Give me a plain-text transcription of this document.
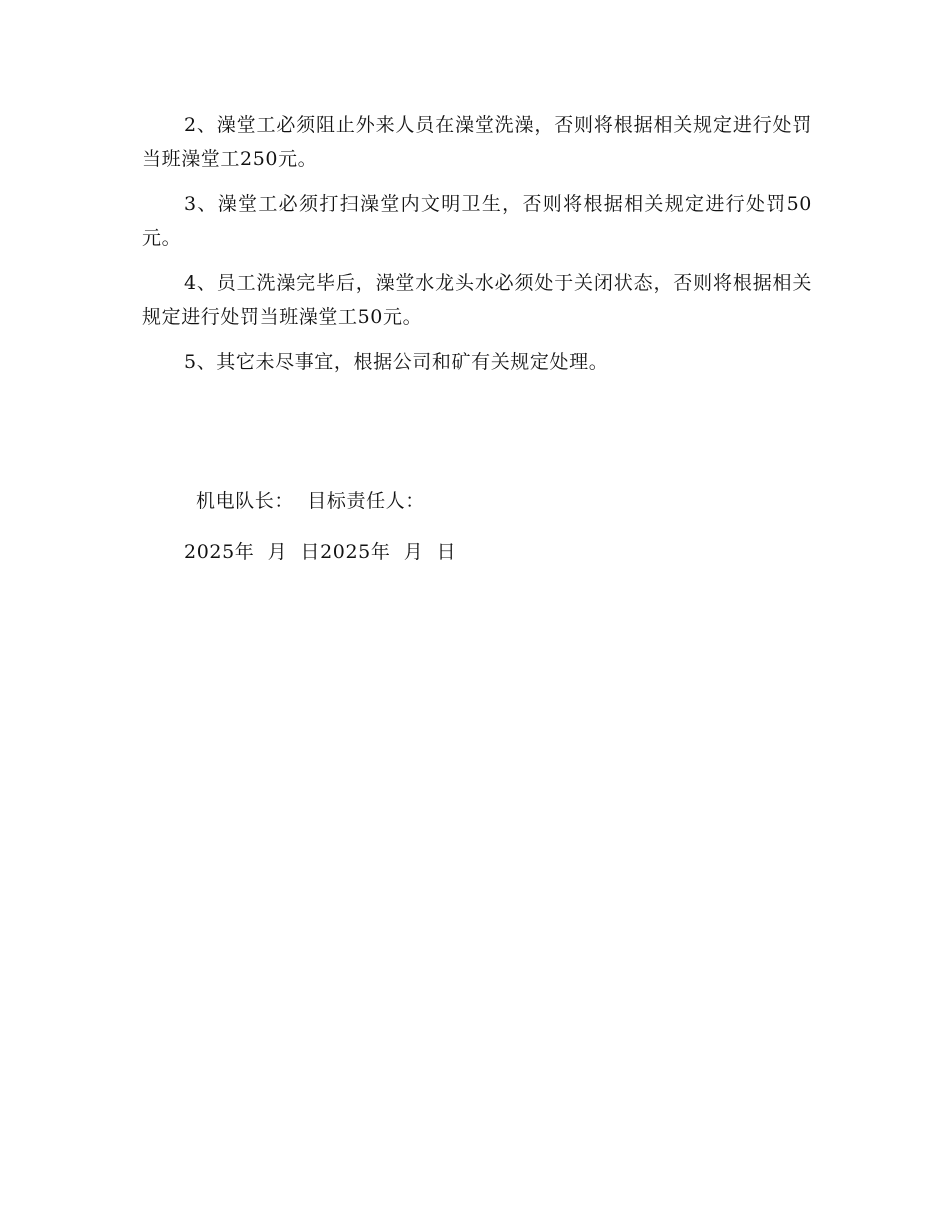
2、澡堂工必须阻止外来人员在澡堂洗澡，否则将根据相关规定进行处罚当班澡堂工250元。

3、澡堂工必须打扫澡堂内文明卫生，否则将根据相关规定进行处罚50元。

4、员工洗澡完毕后，澡堂水龙头水必须处于关闭状态，否则将根据相关规定进行处罚当班澡堂工50元。

5、其它未尽事宜，根据公司和矿有关规定处理。

机电队长：  目标责任人：
2025年  月  日2025年  月  日
